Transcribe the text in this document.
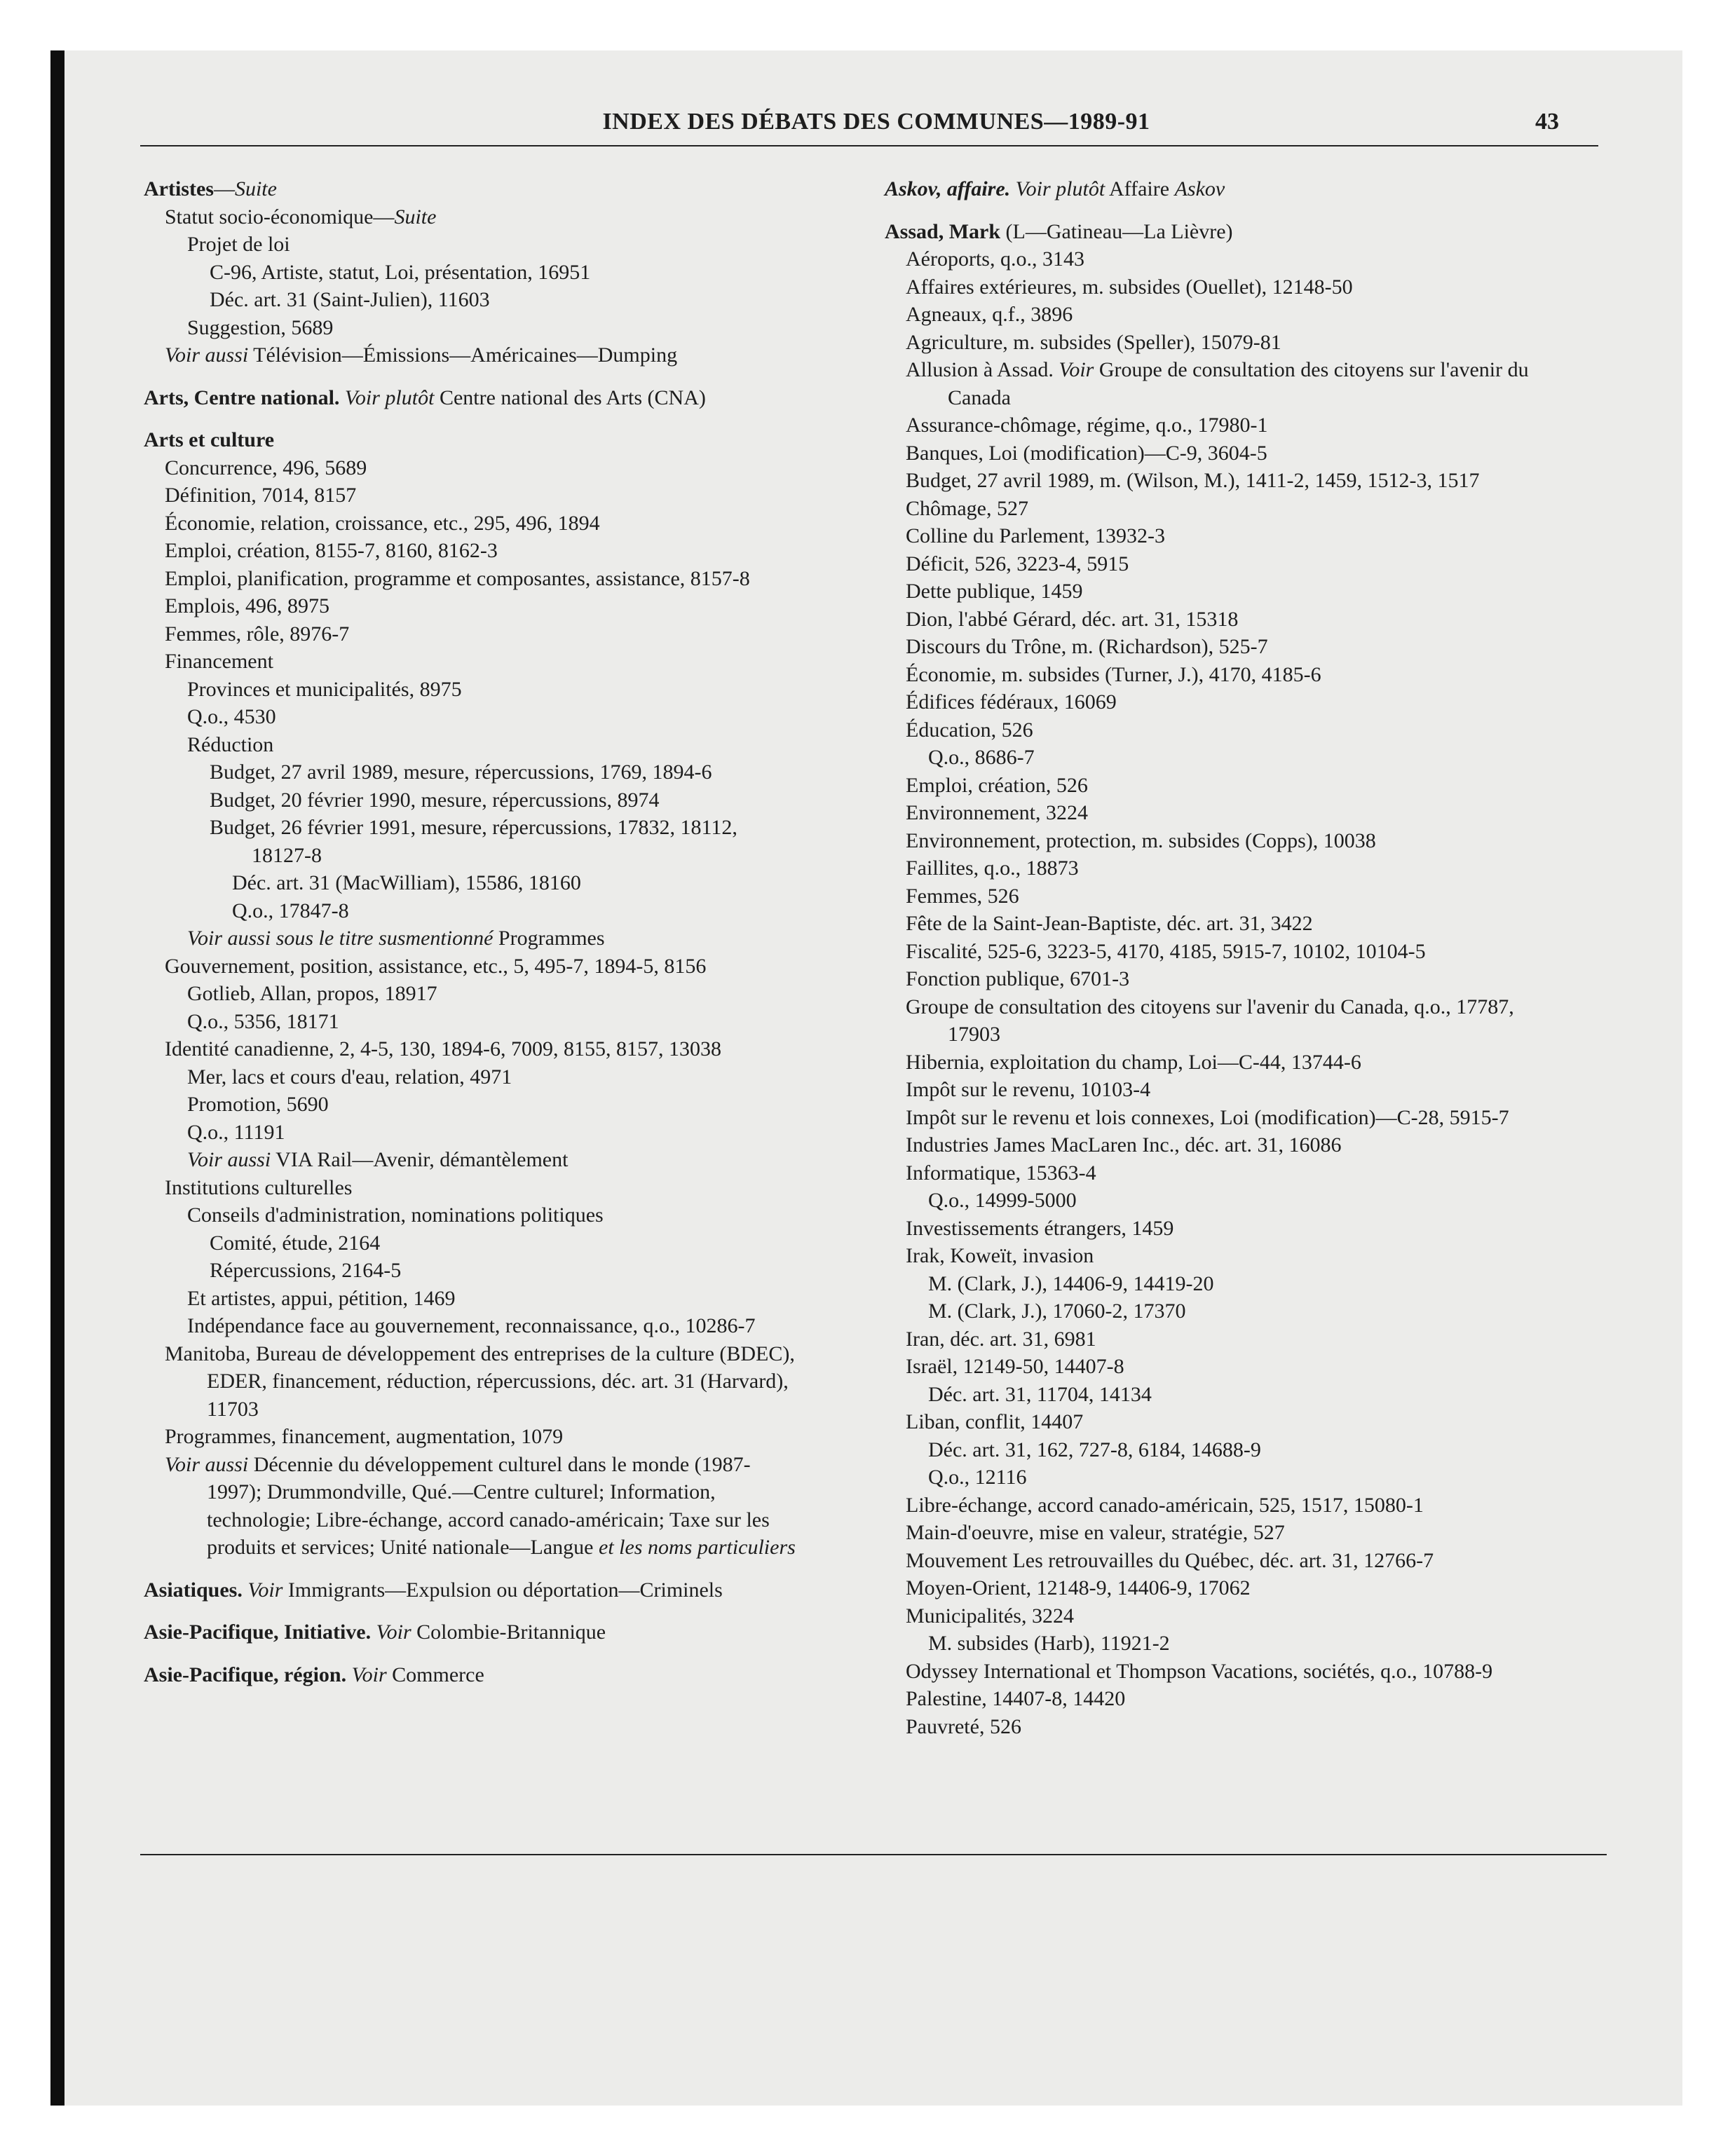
INDEX DES DÉBATS DES COMMUNES—1989-91	43

Artistes—Suite

Statut socio-économique—Suite

Projet de loi

C-96, Artiste, statut, Loi, présentation, 16951

Déc. art. 31 (Saint-Julien), 11603

Suggestion, 5689

Voir aussi Télévision—Émissions—Américaines—Dumping

Arts, Centre national. Voir plutôt Centre national des Arts (CNA)

Arts et culture

Concurrence, 496, 5689

Définition, 7014, 8157

Économie, relation, croissance, etc., 295, 496, 1894

Emploi, création, 8155-7, 8160, 8162-3

Emploi, planification, programme et composantes, assistance, 8157-8

Emplois, 496, 8975

Femmes, rôle, 8976-7

Financement

Provinces et municipalités, 8975

Q.o., 4530

Réduction

Budget, 27 avril 1989, mesure, répercussions, 1769, 1894-6

Budget, 20 février 1990, mesure, répercussions, 8974

Budget, 26 février 1991, mesure, répercussions, 17832, 18112, 18127-8

Déc. art. 31 (MacWilliam), 15586, 18160

Q.o., 17847-8

Voir aussi sous le titre susmentionné Programmes

Gouvernement, position, assistance, etc., 5, 495-7, 1894-5, 8156

Gotlieb, Allan, propos, 18917

Q.o., 5356, 18171

Identité canadienne, 2, 4-5, 130, 1894-6, 7009, 8155, 8157, 13038

Mer, lacs et cours d'eau, relation, 4971

Promotion, 5690

Q.o., 11191

Voir aussi VIA Rail—Avenir, démantèlement

Institutions culturelles

Conseils d'administration, nominations politiques

Comité, étude, 2164

Répercussions, 2164-5

Et artistes, appui, pétition, 1469

Indépendance face au gouvernement, reconnaissance, q.o., 10286-7

Manitoba, Bureau de développement des entreprises de la culture (BDEC), EDER, financement, réduction, répercussions, déc. art. 31 (Harvard), 11703

Programmes, financement, augmentation, 1079

Voir aussi Décennie du développement culturel dans le monde (1987-1997); Drummondville, Qué.—Centre culturel; Information, technologie; Libre-échange, accord canado-américain; Taxe sur les produits et services; Unité nationale—Langue et les noms particuliers

Asiatiques. Voir Immigrants—Expulsion ou déportation—Criminels

Asie-Pacifique, Initiative. Voir Colombie-Britannique

Asie-Pacifique, région. Voir Commerce

Askov, affaire. Voir plutôt Affaire Askov

Assad, Mark (L—Gatineau—La Lièvre)

Aéroports, q.o., 3143

Affaires extérieures, m. subsides (Ouellet), 12148-50

Agneaux, q.f., 3896

Agriculture, m. subsides (Speller), 15079-81

Allusion à Assad. Voir Groupe de consultation des citoyens sur l'avenir du Canada

Assurance-chômage, régime, q.o., 17980-1

Banques, Loi (modification)—C-9, 3604-5

Budget, 27 avril 1989, m. (Wilson, M.), 1411-2, 1459, 1512-3, 1517

Chômage, 527

Colline du Parlement, 13932-3

Déficit, 526, 3223-4, 5915

Dette publique, 1459

Dion, l'abbé Gérard, déc. art. 31, 15318

Discours du Trône, m. (Richardson), 525-7

Économie, m. subsides (Turner, J.), 4170, 4185-6

Édifices fédéraux, 16069

Éducation, 526

Q.o., 8686-7

Emploi, création, 526

Environnement, 3224

Environnement, protection, m. subsides (Copps), 10038

Faillites, q.o., 18873

Femmes, 526

Fête de la Saint-Jean-Baptiste, déc. art. 31, 3422

Fiscalité, 525-6, 3223-5, 4170, 4185, 5915-7, 10102, 10104-5

Fonction publique, 6701-3

Groupe de consultation des citoyens sur l'avenir du Canada, q.o., 17787, 17903

Hibernia, exploitation du champ, Loi—C-44, 13744-6

Impôt sur le revenu, 10103-4

Impôt sur le revenu et lois connexes, Loi (modification)—C-28, 5915-7

Industries James MacLaren Inc., déc. art. 31, 16086

Informatique, 15363-4

Q.o., 14999-5000

Investissements étrangers, 1459

Irak, Koweït, invasion

M. (Clark, J.), 14406-9, 14419-20

M. (Clark, J.), 17060-2, 17370

Iran, déc. art. 31, 6981

Israël, 12149-50, 14407-8

Déc. art. 31, 11704, 14134

Liban, conflit, 14407

Déc. art. 31, 162, 727-8, 6184, 14688-9

Q.o., 12116

Libre-échange, accord canado-américain, 525, 1517, 15080-1

Main-d'oeuvre, mise en valeur, stratégie, 527

Mouvement Les retrouvailles du Québec, déc. art. 31, 12766-7

Moyen-Orient, 12148-9, 14406-9, 17062

Municipalités, 3224

M. subsides (Harb), 11921-2

Odyssey International et Thompson Vacations, sociétés, q.o., 10788-9

Palestine, 14407-8, 14420

Pauvreté, 526
